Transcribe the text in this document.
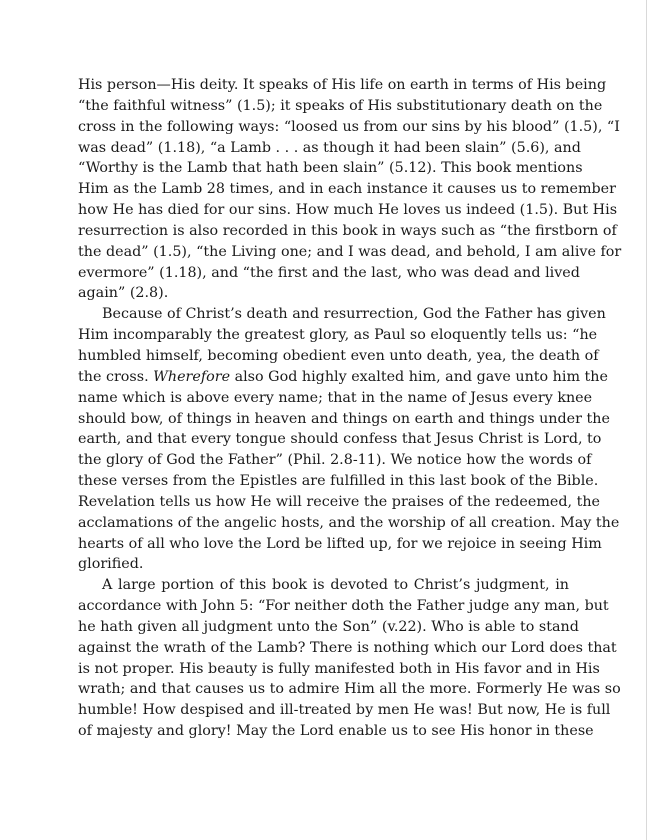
His person—His deity. It speaks of His life on earth in terms of His being
“the faithful witness” (1.5); it speaks of His substitutionary death on the
cross in the following ways: “loosed us from our sins by his blood” (1.5), “I
was dead” (1.18), “a Lamb . . . as though it had been slain” (5.6), and
“Worthy is the Lamb that hath been slain” (5.12). This book mentions
Him as the Lamb 28 times, and in each instance it causes us to remember
how He has died for our sins. How much He loves us indeed (1.5). But His
resurrection is also recorded in this book in ways such as “the firstborn of
the dead” (1.5), “the Living one; and I was dead, and behold, I am alive for
evermore” (1.18), and “the first and the last, who was dead and lived
again” (2.8).
Because of Christ’s death and resurrection, God the Father has given
Him incomparably the greatest glory, as Paul so eloquently tells us: “he
humbled himself, becoming obedient even unto death, yea, the death of
the cross. Wherefore also God highly exalted him, and gave unto him the
name which is above every name; that in the name of Jesus every knee
should bow, of things in heaven and things on earth and things under the
earth, and that every tongue should confess that Jesus Christ is Lord, to
the glory of God the Father” (Phil. 2.8-11). We notice how the words of
these verses from the Epistles are fulfilled in this last book of the Bible.
Revelation tells us how He will receive the praises of the redeemed, the
acclamations of the angelic hosts, and the worship of all creation. May the
hearts of all who love the Lord be lifted up, for we rejoice in seeing Him
glorified.
A large portion of this book is devoted to Christ’s judgment, in
accordance with John 5: “For neither doth the Father judge any man, but
he hath given all judgment unto the Son” (v.22). Who is able to stand
against the wrath of the Lamb? There is nothing which our Lord does that
is not proper. His beauty is fully manifested both in His favor and in His
wrath; and that causes us to admire Him all the more. Formerly He was so
humble! How despised and ill-treated by men He was! But now, He is full
of majesty and glory! May the Lord enable us to see His honor in these
